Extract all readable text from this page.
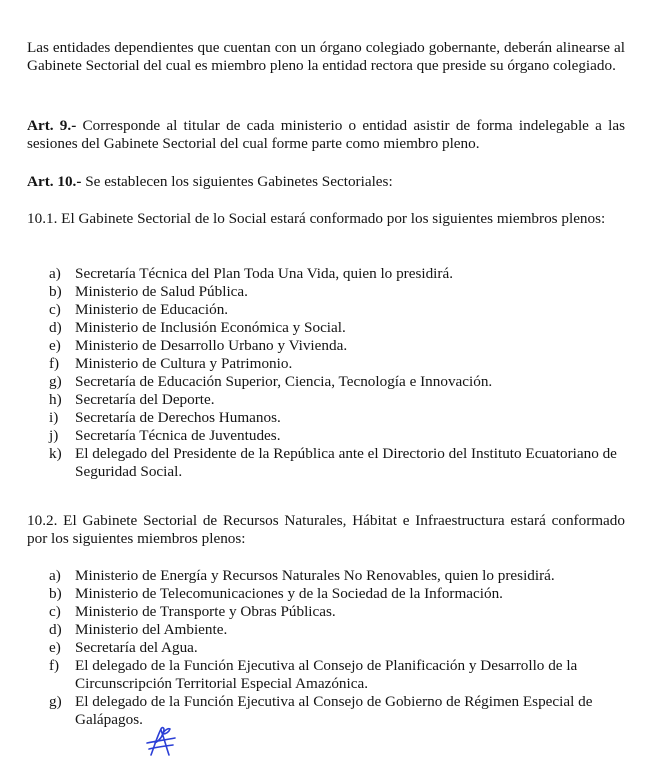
Las entidades dependientes que cuentan con un órgano colegiado gobernante, deberán alinearse al Gabinete Sectorial del cual es miembro pleno la entidad rectora que preside su órgano colegiado.

Art. 9.- Corresponde al titular de cada ministerio o entidad asistir de forma indelegable a las sesiones del Gabinete Sectorial del cual forme parte como miembro pleno.

Art. 10.- Se establecen los siguientes Gabinetes Sectoriales:

10.1. El Gabinete Sectorial de lo Social estará conformado por los siguientes miembros plenos:

a) Secretaría Técnica del Plan Toda Una Vida, quien lo presidirá.
b) Ministerio de Salud Pública.
c) Ministerio de Educación.
d) Ministerio de Inclusión Económica y Social.
e) Ministerio de Desarrollo Urbano y Vivienda.
f) Ministerio de Cultura y Patrimonio.
g) Secretaría de Educación Superior, Ciencia, Tecnología e Innovación.
h) Secretaría del Deporte.
i) Secretaría de Derechos Humanos.
j) Secretaría Técnica de Juventudes.
k) El delegado del Presidente de la República ante el Directorio del Instituto Ecuatoriano de Seguridad Social.

10.2. El Gabinete Sectorial de Recursos Naturales, Hábitat e Infraestructura estará conformado por los siguientes miembros plenos:

a) Ministerio de Energía y Recursos Naturales No Renovables, quien lo presidirá.
b) Ministerio de Telecomunicaciones y de la Sociedad de la Información.
c) Ministerio de Transporte y Obras Públicas.
d) Ministerio del Ambiente.
e) Secretaría del Agua.
f) El delegado de la Función Ejecutiva al Consejo de Planificación y Desarrollo de la Circunscripción Territorial Especial Amazónica.
g) El delegado de la Función Ejecutiva al Consejo de Gobierno de Régimen Especial de Galápagos.
